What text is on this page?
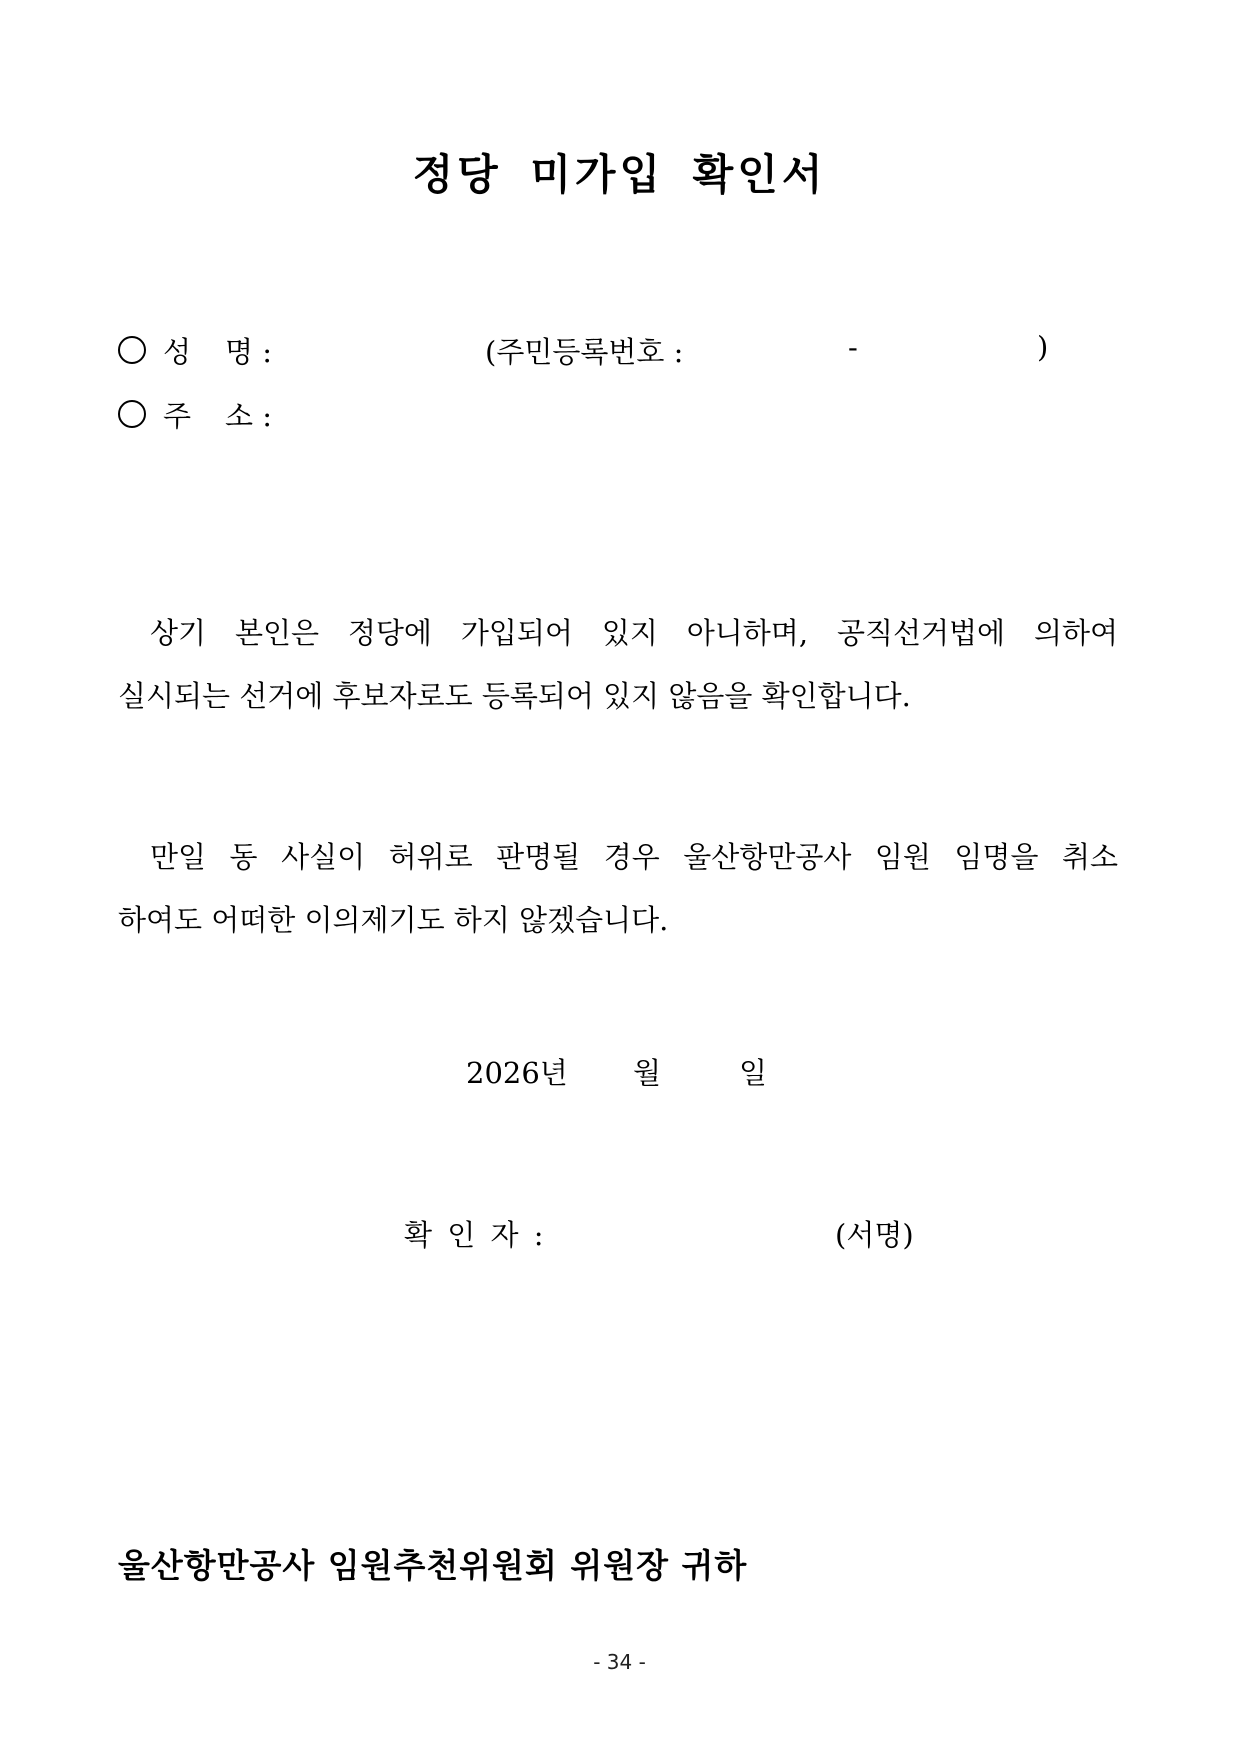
정당 미가입 확인서
성 명 :	(주민등록번호 :	-	)
주 소 :
상기 본인은 정당에 가입되어 있지 아니하며, 공직선거법에 의하여
실시되는 선거에 후보자로도 등록되어 있지 않음을 확인합니다.
만일 동 사실이 허위로 판명될 경우 울산항만공사 임원 임명을 취소
하여도 어떠한 이의제기도 하지 않겠습니다.
2026년 월	일
확 인 자 :	(서명)
울산항만공사 임원추천위원회 위원장 귀하
- 34 -
